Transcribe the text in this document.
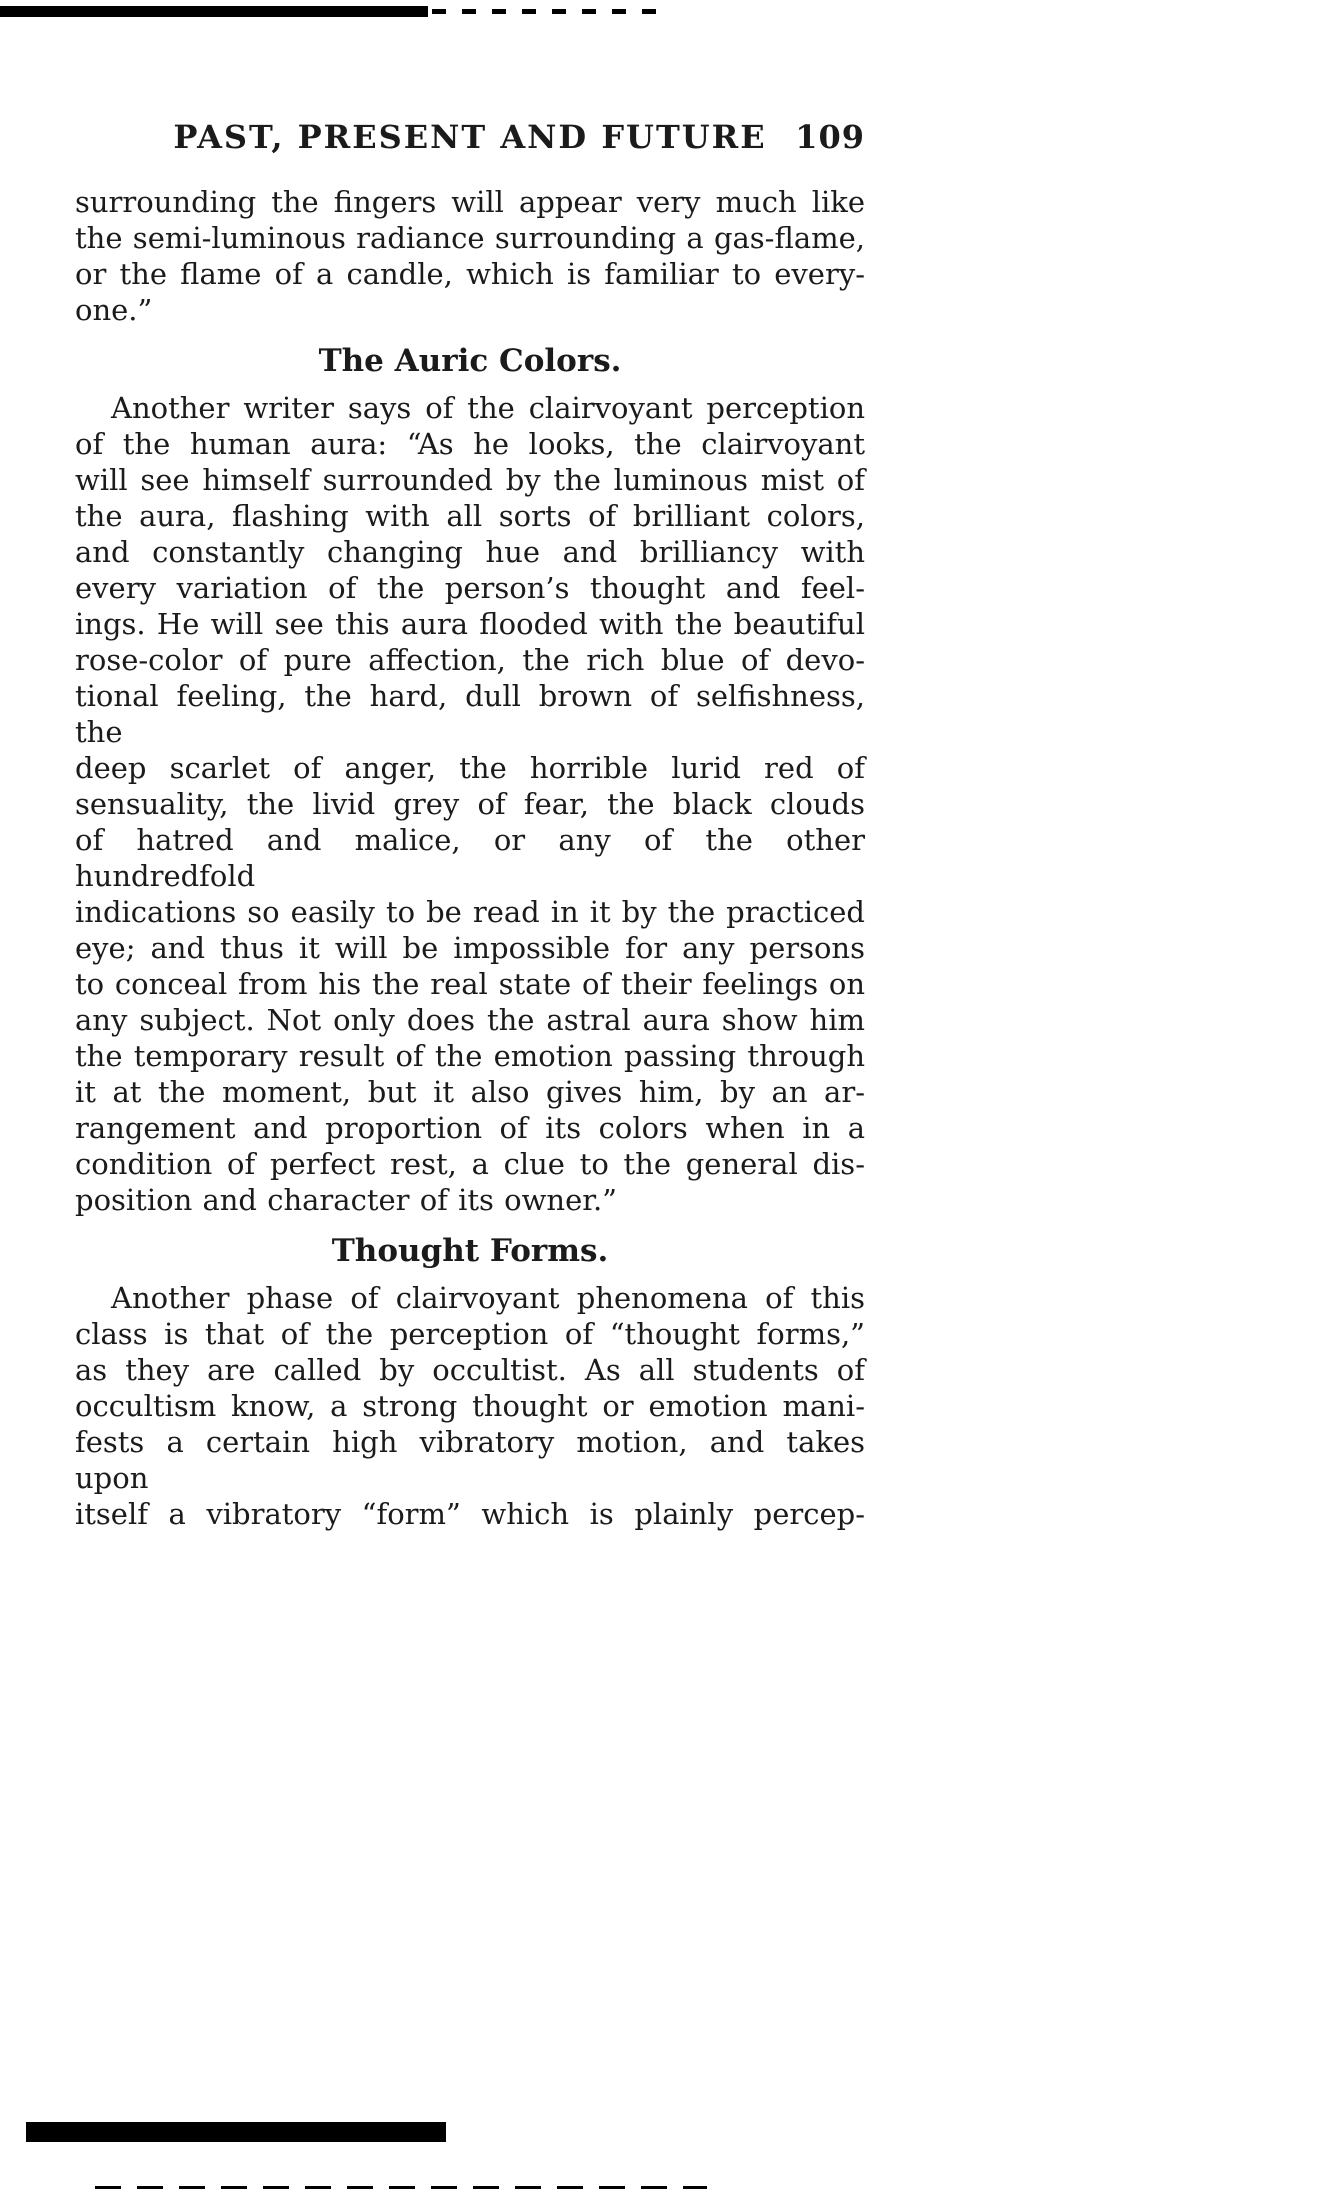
PAST, PRESENT AND FUTURE 109
surrounding the fingers will appear very much like
the semi-luminous radiance surrounding a gas-flame,
or the flame of a candle, which is familiar to every-
one.”
The Auric Colors.
Another writer says of the clairvoyant perception
of the human aura: “As he looks, the clairvoyant
will see himself surrounded by the luminous mist of
the aura, flashing with all sorts of brilliant colors,
and constantly changing hue and brilliancy with
every variation of the person’s thought and feel-
ings. He will see this aura flooded with the beautiful
rose-color of pure affection, the rich blue of devo-
tional feeling, the hard, dull brown of selfishness, the
deep scarlet of anger, the horrible lurid red of
sensuality, the livid grey of fear, the black clouds
of hatred and malice, or any of the other hundredfold
indications so easily to be read in it by the practiced
eye; and thus it will be impossible for any persons
to conceal from his the real state of their feelings on
any subject. Not only does the astral aura show him
the temporary result of the emotion passing through
it at the moment, but it also gives him, by an ar-
rangement and proportion of its colors when in a
condition of perfect rest, a clue to the general dis-
position and character of its owner.”
Thought Forms.
Another phase of clairvoyant phenomena of this
class is that of the perception of “thought forms,”
as they are called by occultist. As all students of
occultism know, a strong thought or emotion mani-
fests a certain high vibratory motion, and takes upon
itself a vibratory “form” which is plainly percep-
